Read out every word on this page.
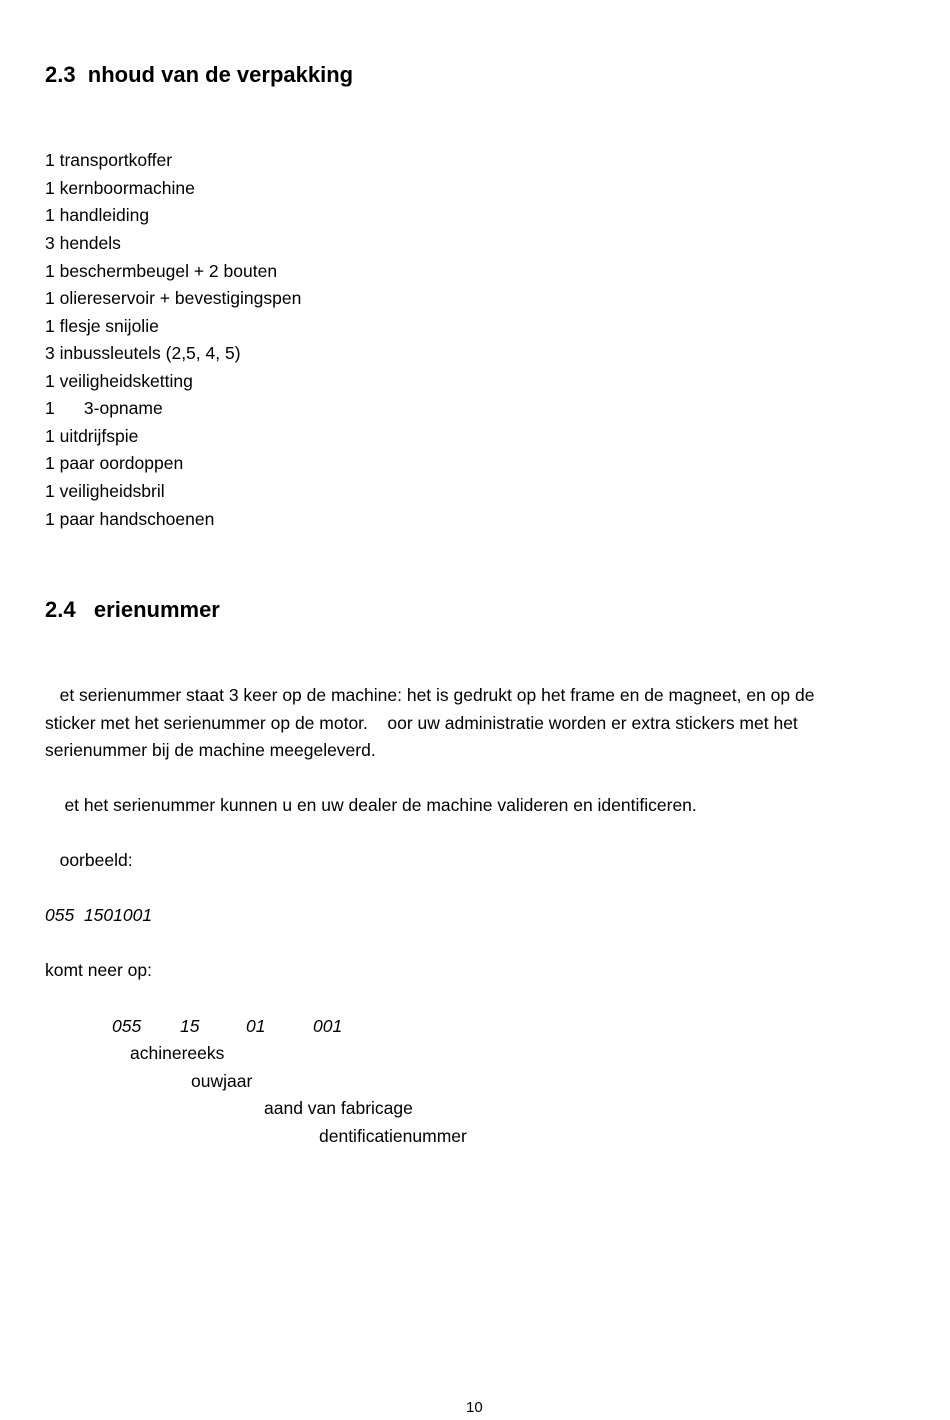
2.3  nhoud van de verpakking
1 transportkoffer
1 kernboormachine
1 handleiding
3 hendels
1 beschermbeugel + 2 bouten
1 oliereservoir + bevestigingspen
1 flesje snijolie
3 inbussleutels (2,5, 4, 5)
1 veiligheidsketting
1      3-opname
1 uitdrijfspie
1 paar oordoppen
1 veiligheidsbril
1 paar handschoenen
2.4   erienummer
et serienummer staat 3 keer op de machine: het is gedrukt op het frame en de magneet, en op de
sticker met het serienummer op de motor.    oor uw administratie worden er extra stickers met het
serienummer bij de machine meegeleverd.
et het serienummer kunnen u en uw dealer de machine valideren en identificeren.
oorbeeld:
055  1501001
komt neer op:
055 15	01	001
achinereeks
ouwjaar
aand van fabricage
dentificatienummer
10
